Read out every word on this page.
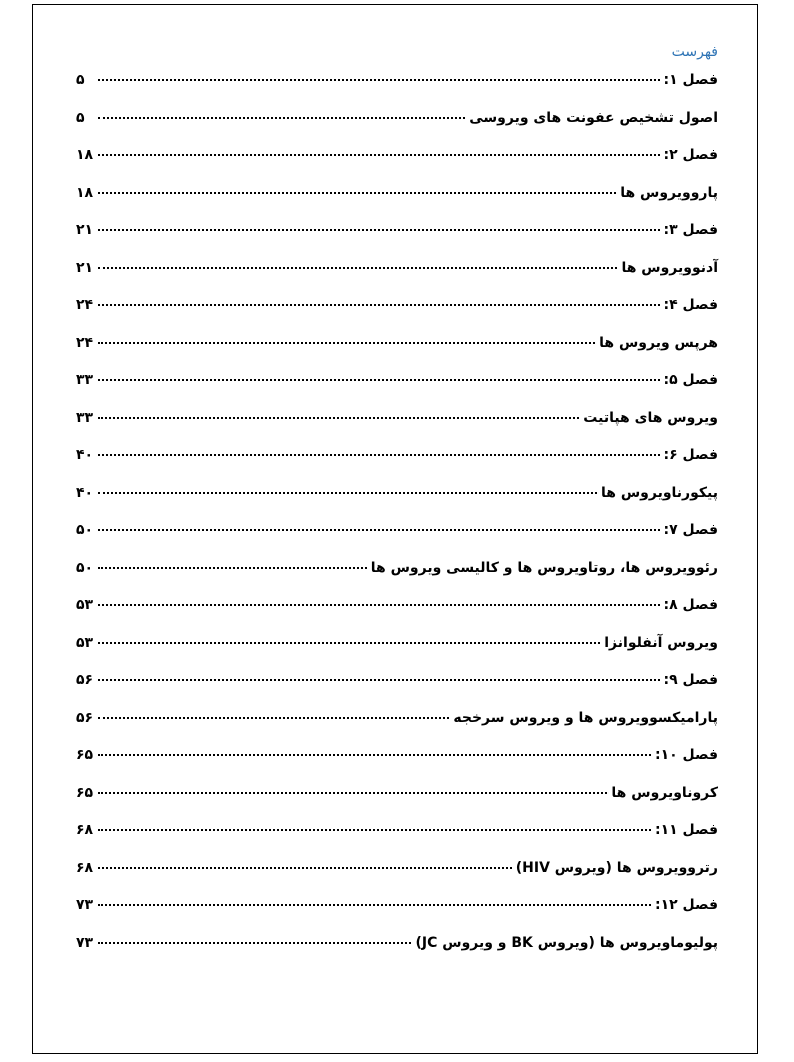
فهرست
فصل ۱:
۵
اصول تشخیص عفونت های ویروسی
۵
فصل ۲:
۱۸
پاروویروس ها
۱۸
فصل ۳:
۲۱
آدنوویروس ها
۲۱
فصل ۴:
۲۴
هرپس ویروس ها
۲۴
فصل ۵:
۳۳
ویروس های هپاتیت
۳۳
فصل ۶:
۴۰
پیکورناویروس ها
۴۰
فصل ۷:
۵۰
رئوویروس ها، روتاویروس ها و کالیسی ویروس ها
۵۰
فصل ۸:
۵۳
ویروس آنفلوانزا
۵۳
فصل ۹:
۵۶
پارامیکسوویروس ها و ویروس سرخجه
۵۶
فصل ۱۰:
۶۵
کروناویروس ها
۶۵
فصل ۱۱:
۶۸
رتروویروس ها (ویروس HIV)
۶۸
فصل ۱۲:
۷۳
پولیوماویروس ها (ویروس BK و ویروس JC)
۷۳
